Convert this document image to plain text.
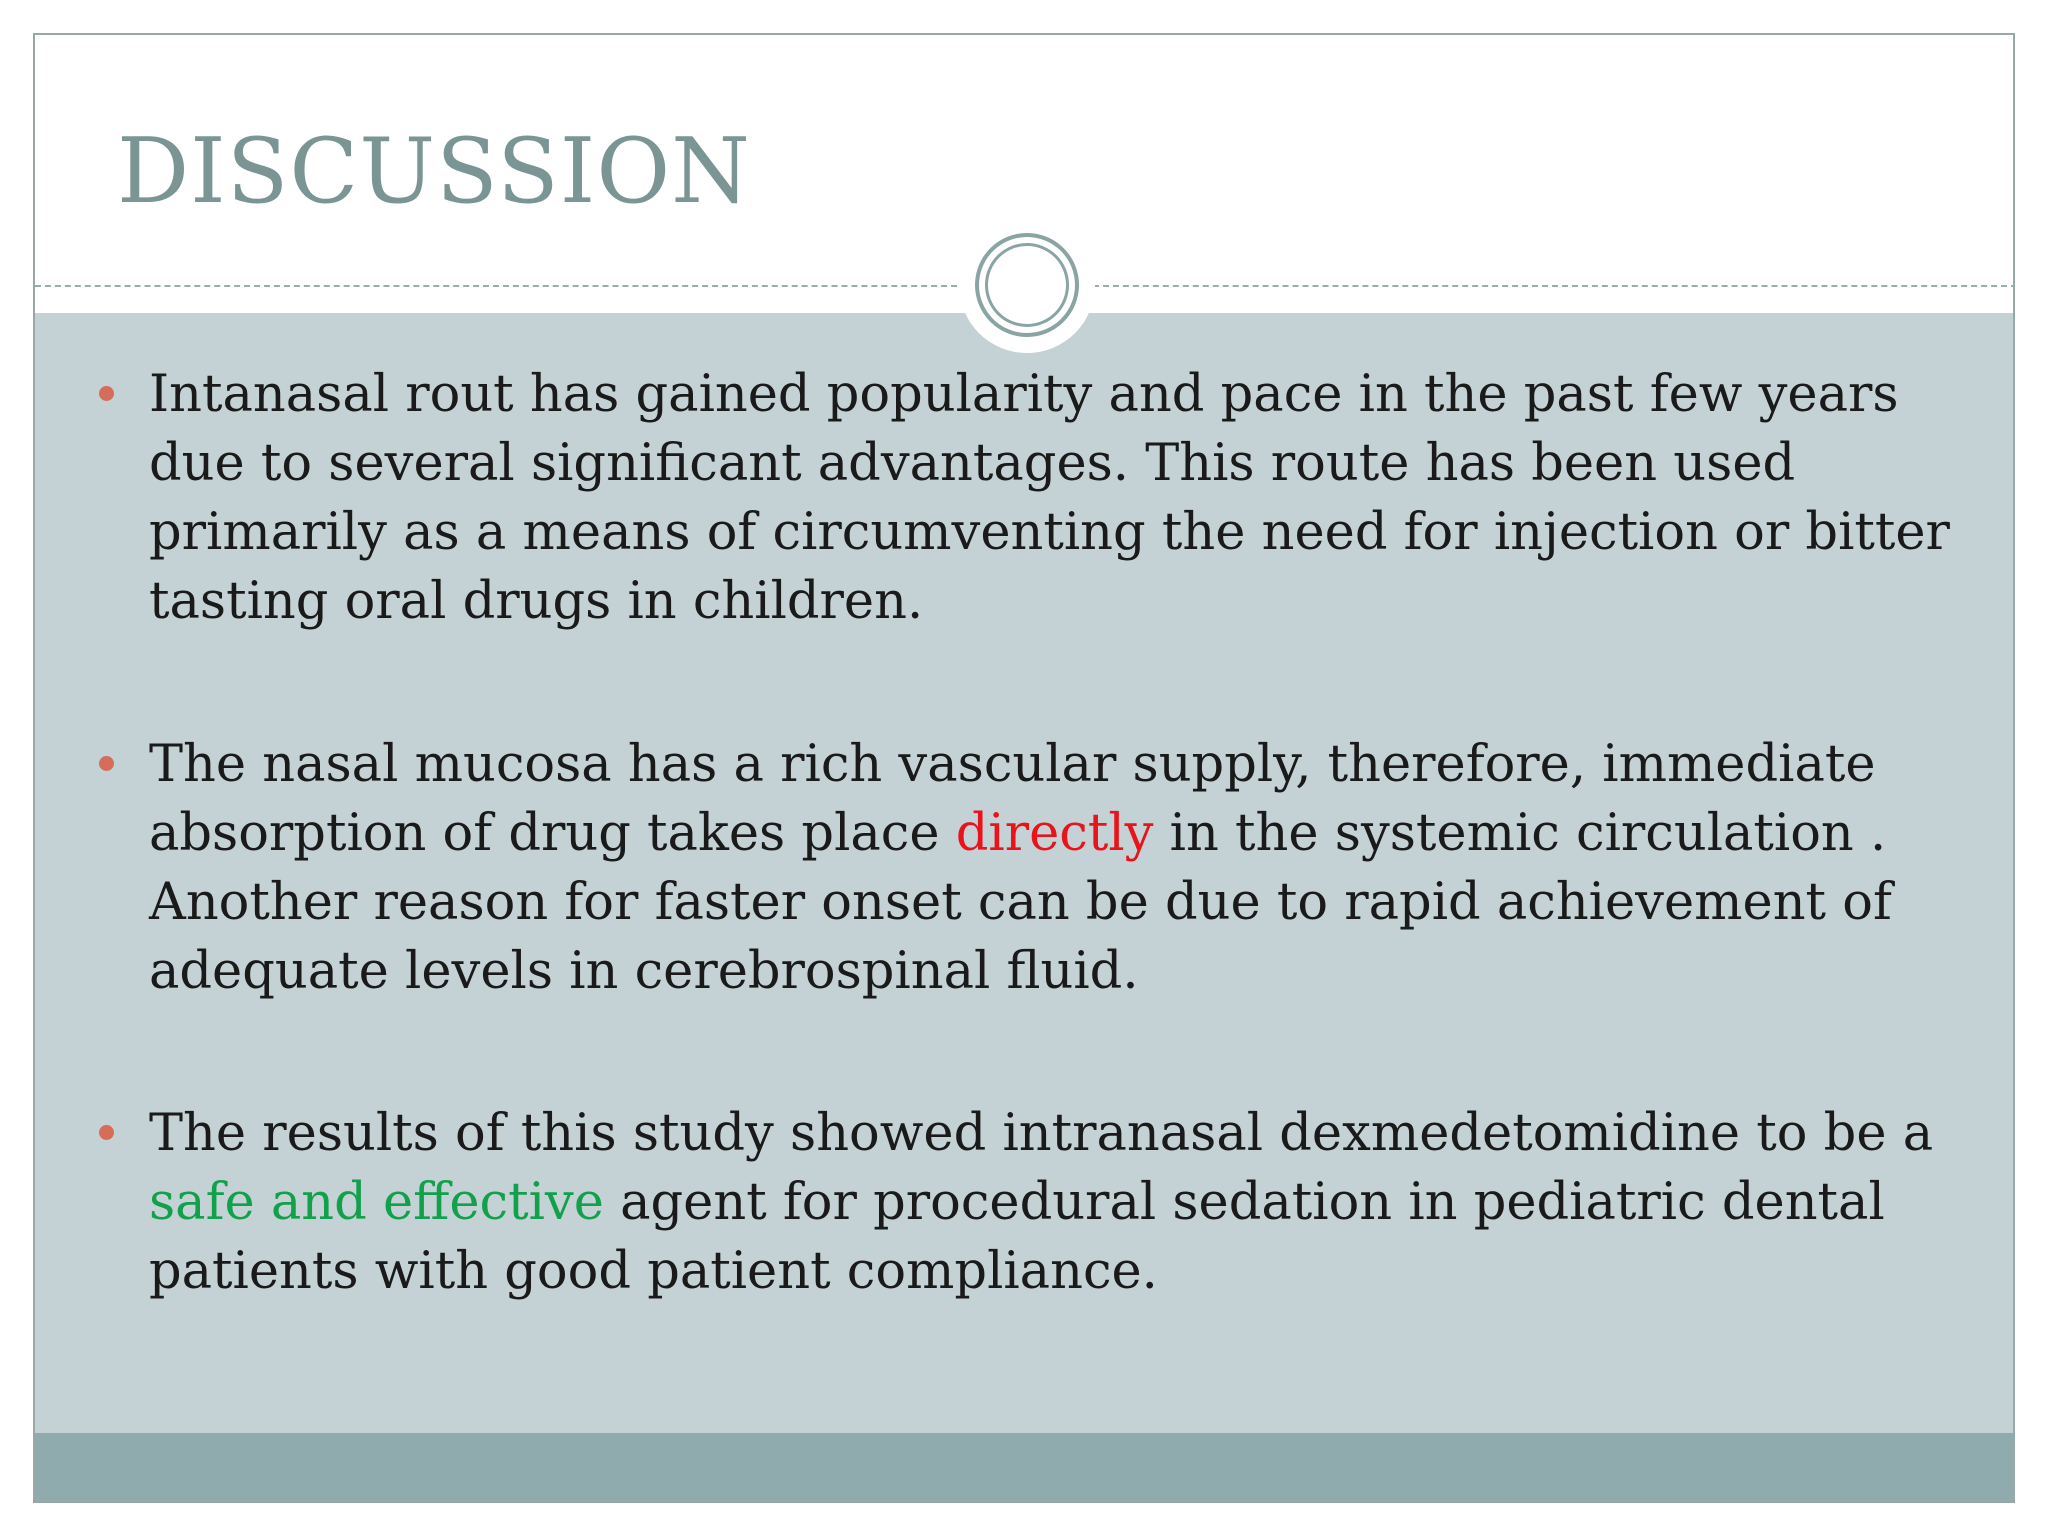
DISCUSSION
Intanasal rout has gained popularity and pace in the past few years due to several significant advantages. This route has been used primarily as a means of circumventing the need for injection or bitter tasting oral drugs in children.
The nasal mucosa has a rich vascular supply, therefore, immediate absorption of drug takes place directly in the systemic circulation . Another reason for faster onset can be due to rapid achievement of adequate levels in cerebrospinal fluid.
The results of this study showed intranasal dexmedetomidine to be a safe and effective agent for procedural sedation in pediatric dental patients with good patient compliance.
